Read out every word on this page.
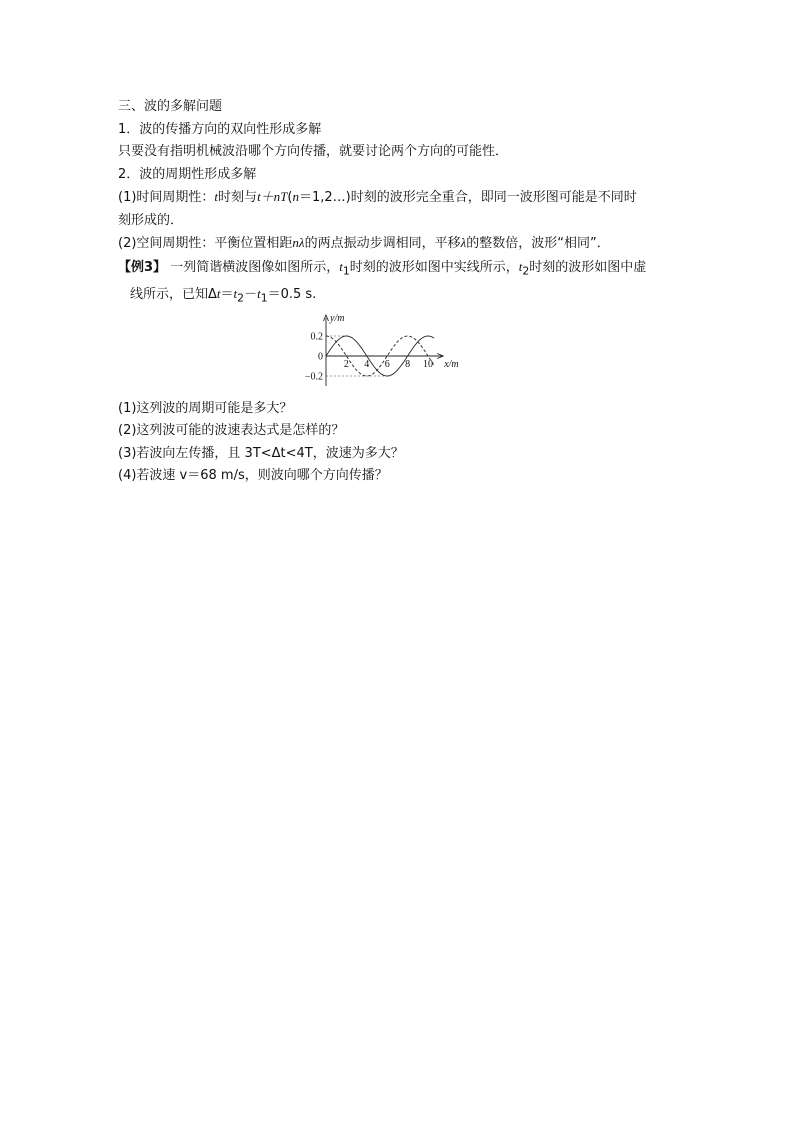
三、波的多解问题
1．波的传播方向的双向性形成多解
只要没有指明机械波沿哪个方向传播，就要讨论两个方向的可能性．
2．波的周期性形成多解
(1)时间周期性：t时刻与t＋nT(n＝1,2…)时刻的波形完全重合，即同一波形图可能是不同时
刻形成的．
(2)空间周期性：平衡位置相距nλ的两点振动步调相同，平移λ的整数倍，波形“相同”．
【例3】 一列简谐横波图像如图所示，$t_1$时刻的波形如图中实线所示，$t_2$时刻的波形如图中虚
线所示，已知$\Delta t=t_2-t_1=0.5$ s.
2 4 6 8 10
0.2
0
−0.2
x/m
y/m
(1)这列波的周期可能是多大？
(2)这列波可能的波速表达式是怎样的？
(3)若波向左传播，且 3T<Δt<4T，波速为多大？
(4)若波速 v＝68 m/s，则波向哪个方向传播？
